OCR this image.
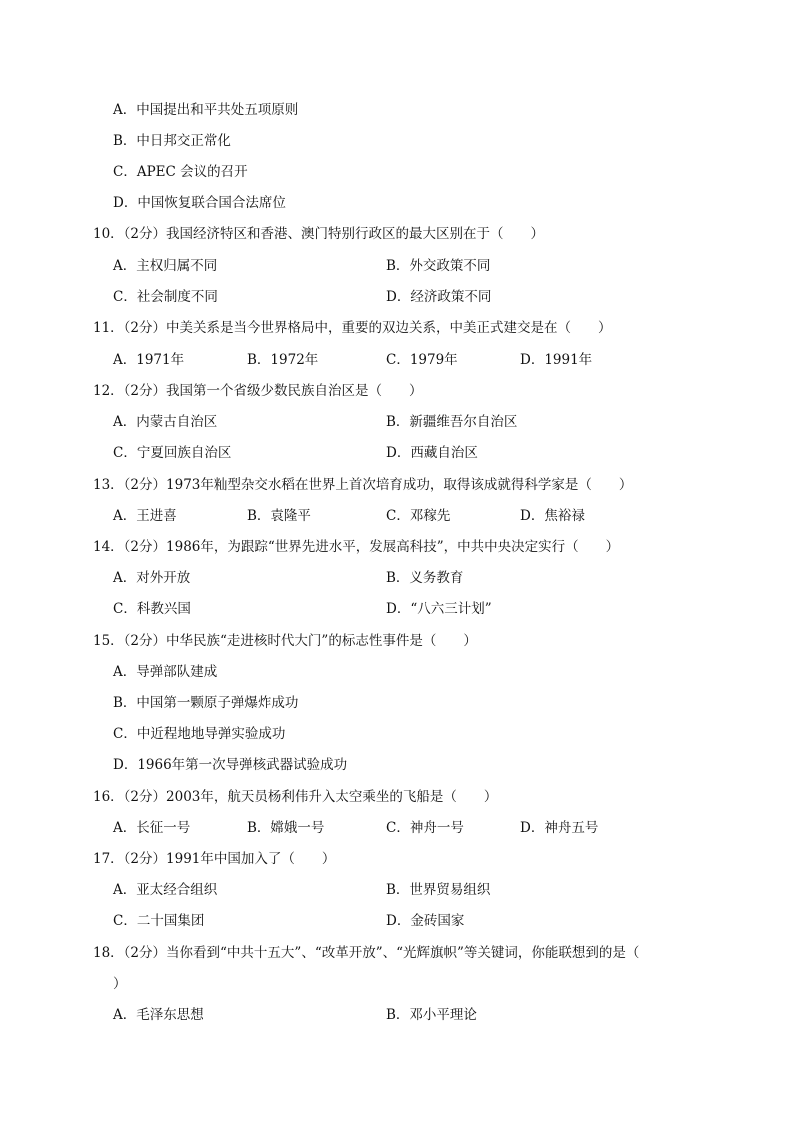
A．中国提出和平共处五项原则
B．中日邦交正常化
C．APEC 会议的召开
D．中国恢复联合国合法席位
10．（2分）我国经济特区和香港、澳门特别行政区的最大区别在于（　　）
A．主权归属不同	B．外交政策不同
C．社会制度不同	D．经济政策不同
11．（2分）中美关系是当今世界格局中，重要的双边关系，中美正式建交是在（　　）
A．1971年	B．1972年	C．1979年	D．1991年
12．（2分）我国第一个省级少数民族自治区是（　　）
A．内蒙古自治区	B．新疆维吾尔自治区
C．宁夏回族自治区	D．西藏自治区
13．（2分）1973年籼型杂交水稻在世界上首次培育成功，取得该成就得科学家是（　　）
A．王进喜	B．袁隆平	C．邓稼先	D．焦裕禄
14．（2分）1986年，为跟踪“世界先进水平，发展高科技”，中共中央决定实行（　　）
A．对外开放	B．义务教育
C．科教兴国	D．“八六三计划”
15．（2分）中华民族“走进核时代大门”的标志性事件是（　　）
A．导弹部队建成
B．中国第一颗原子弹爆炸成功
C．中近程地地导弹实验成功
D．1966年第一次导弹核武器试验成功
16．（2分）2003年，航天员杨利伟升入太空乘坐的飞船是（　　）
A．长征一号	B．嫦娥一号	C．神舟一号	D．神舟五号
17．（2分）1991年中国加入了（　　）
A．亚太经合组织	B．世界贸易组织
C．二十国集团	D．金砖国家
18．（2分）当你看到“中共十五大”、“改革开放”、“光辉旗帜”等关键词，你能联想到的是（
）
A．毛泽东思想	B．邓小平理论
